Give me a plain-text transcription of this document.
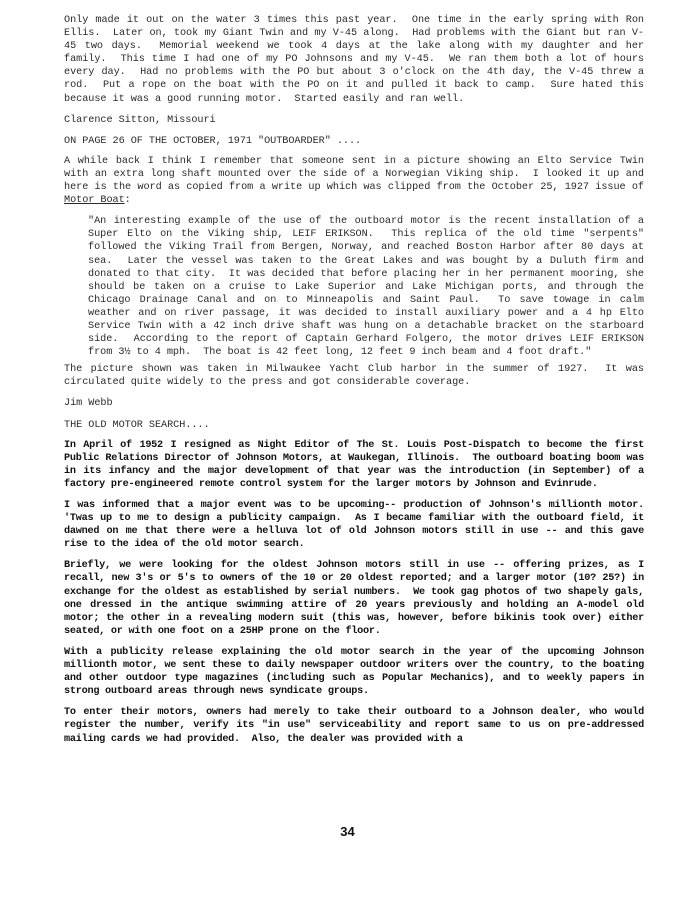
Only made it out on the water 3 times this past year.  One time in the early spring with Ron Ellis.  Later on, took my Giant Twin and my V-45 along.  Had problems with the Giant but ran V-45 two days.  Memorial weekend we took 4 days at the lake along with my daughter and her family.  This time I had one of my PO Johnsons and my V-45.  We ran them both a lot of hours every day.  Had no problems with the PO but about 3 o'clock on the 4th day, the V-45 threw a rod.  Put a rope on the boat with the PO on it and pulled it back to camp.  Sure hated this because it was a good running motor.  Started easily and ran well.

Clarence Sitton, Missouri

ON PAGE 26 OF THE OCTOBER, 1971 "OUTBOARDER" ....

A while back I think I remember that someone sent in a picture showing an Elto Service Twin with an extra long shaft mounted over the side of a Norwegian Viking ship.  I looked it up and here is the word as copied from a write up which was clipped from the October 25, 1927 issue of Motor Boat:

"An interesting example of the use of the outboard motor is the recent installation of a Super Elto on the Viking ship, LEIF ERIKSON.  This replica of the old time "serpents" followed the Viking Trail from Bergen, Norway, and reached Boston Harbor after 80 days at sea.  Later the vessel was taken to the Great Lakes and was bought by a Duluth firm and donated to that city.  It was decided that before placing her in her permanent mooring, she should be taken on a cruise to Lake Superior and Lake Michigan ports, and through the Chicago Drainage Canal and on to Minneapolis and Saint Paul.  To save towage in calm weather and on river passage, it was decided to install auxiliary power and a 4 hp Elto Service Twin with a 42 inch drive shaft was hung on a detachable bracket on the starboard side.  According to the report of Captain Gerhard Folgero, the motor drives LEIF ERIKSON from 3½ to 4 mph.  The boat is 42 feet long, 12 feet 9 inch beam and 4 foot draft."

The picture shown was taken in Milwaukee Yacht Club harbor in the summer of 1927.  It was circulated quite widely to the press and got considerable coverage.

Jim Webb

THE OLD MOTOR SEARCH....

In April of 1952 I resigned as Night Editor of The St. Louis Post-Dispatch to become the first Public Relations Director of Johnson Motors, at Waukegan, Illinois.  The outboard boating boom was in its infancy and the major development of that year was the introduction (in September) of a factory pre-engineered remote control system for the larger motors by Johnson and Evinrude.

I was informed that a major event was to be upcoming-- production of Johnson's millionth motor.  'Twas up to me to design a publicity campaign.  As I became familiar with the outboard field, it dawned on me that there were a helluva lot of old Johnson motors still in use -- and this gave rise to the idea of the old motor search.

Briefly, we were looking for the oldest Johnson motors still in use -- offering prizes, as I recall, new 3's or 5's to owners of the 10 or 20 oldest reported; and a larger motor (10? 25?) in exchange for the oldest as established by serial numbers.  We took gag photos of two shapely gals, one dressed in the antique swimming attire of 20 years previously and holding an A-model old motor; the other in a revealing modern suit (this was, however, before bikinis took over) either seated, or with one foot on a 25HP prone on the floor.

With a publicity release explaining the old motor search in the year of the upcoming Johnson millionth motor, we sent these to daily newspaper outdoor writers over the country, to the boating and other outdoor type magazines (including such as Popular Mechanics), and to weekly papers in strong outboard areas through news syndicate groups.

To enter their motors, owners had merely to take their outboard to a Johnson dealer, who would register the number, verify its "in use" serviceability and report same to us on pre-addressed mailing cards we had provided.  Also, the dealer was provided with a

34
